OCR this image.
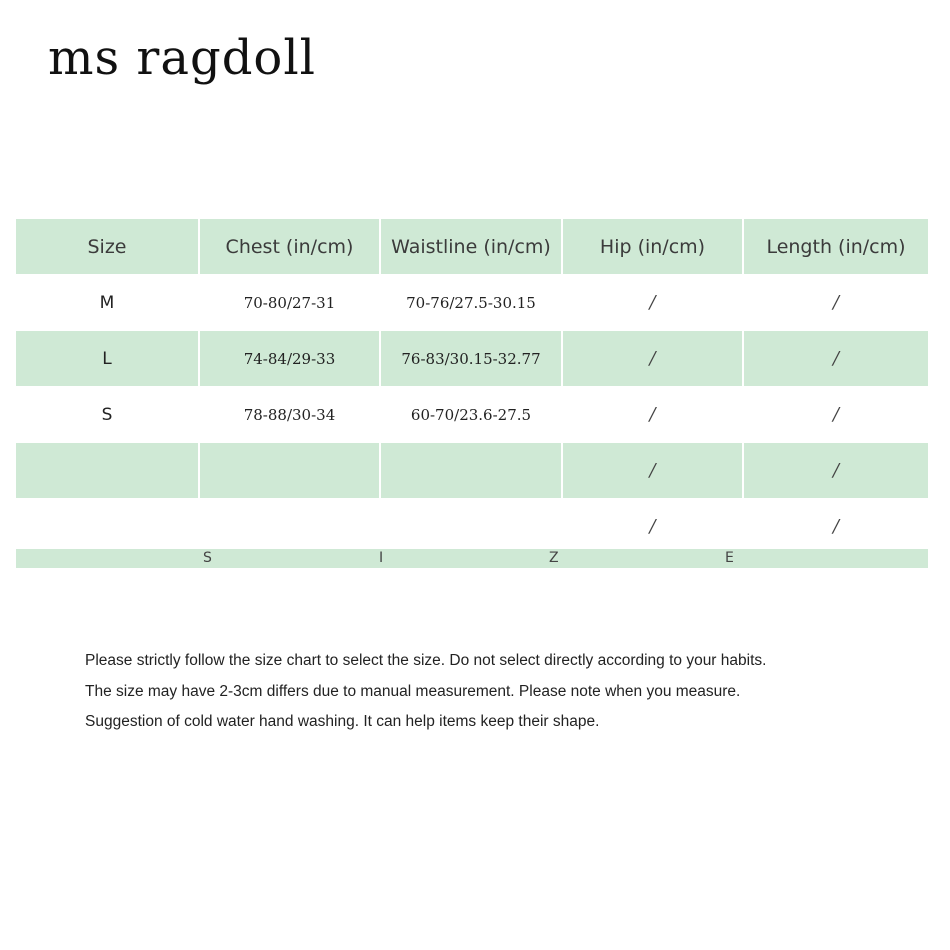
ms ragdoll
Size	Chest (in/cm)	Waistline (in/cm)	Hip (in/cm)	Length (in/cm)
M	70-80/27-31	70-76/27.5-30.15	/	/
L	74-84/29-33	76-83/30.15-32.77	/	/
S	78-88/30-34	60-70/23.6-27.5	/	/
			/	/
			/	/
S	I	Z	E

Please strictly follow the size chart to select the size. Do not select directly according to your habits.

The size may have 2-3cm differs due to manual measurement. Please note when you measure.

Suggestion of cold water hand washing. It can help items keep their shape.
